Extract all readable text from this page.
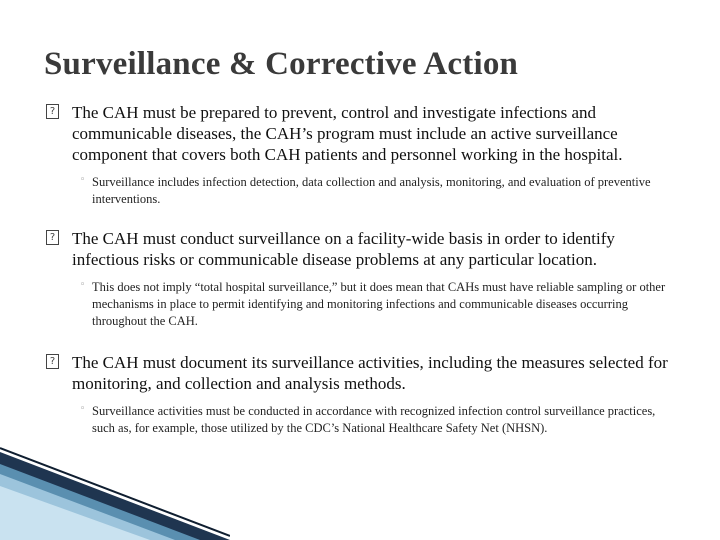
Surveillance & Corrective Action
? The CAH must be prepared to prevent, control and investigate infections and communicable diseases, the CAH’s program must include an active surveillance component that covers both CAH patients and personnel working in the hospital.
◦ Surveillance includes infection detection, data collection and analysis, monitoring, and evaluation of preventive interventions.
? The CAH must conduct surveillance on a facility-wide basis in order to identify infectious risks or communicable disease problems at any particular location.
◦ This does not imply “total hospital surveillance,” but it does mean that CAHs must have reliable sampling or other mechanisms in place to permit identifying and monitoring infections and communicable diseases occurring throughout the CAH.
? The CAH must document its surveillance activities, including the measures selected for monitoring, and collection and analysis methods.
◦ Surveillance activities must be conducted in accordance with recognized infection control surveillance practices, such as, for example, those utilized by the CDC’s National Healthcare Safety Net (NHSN).
